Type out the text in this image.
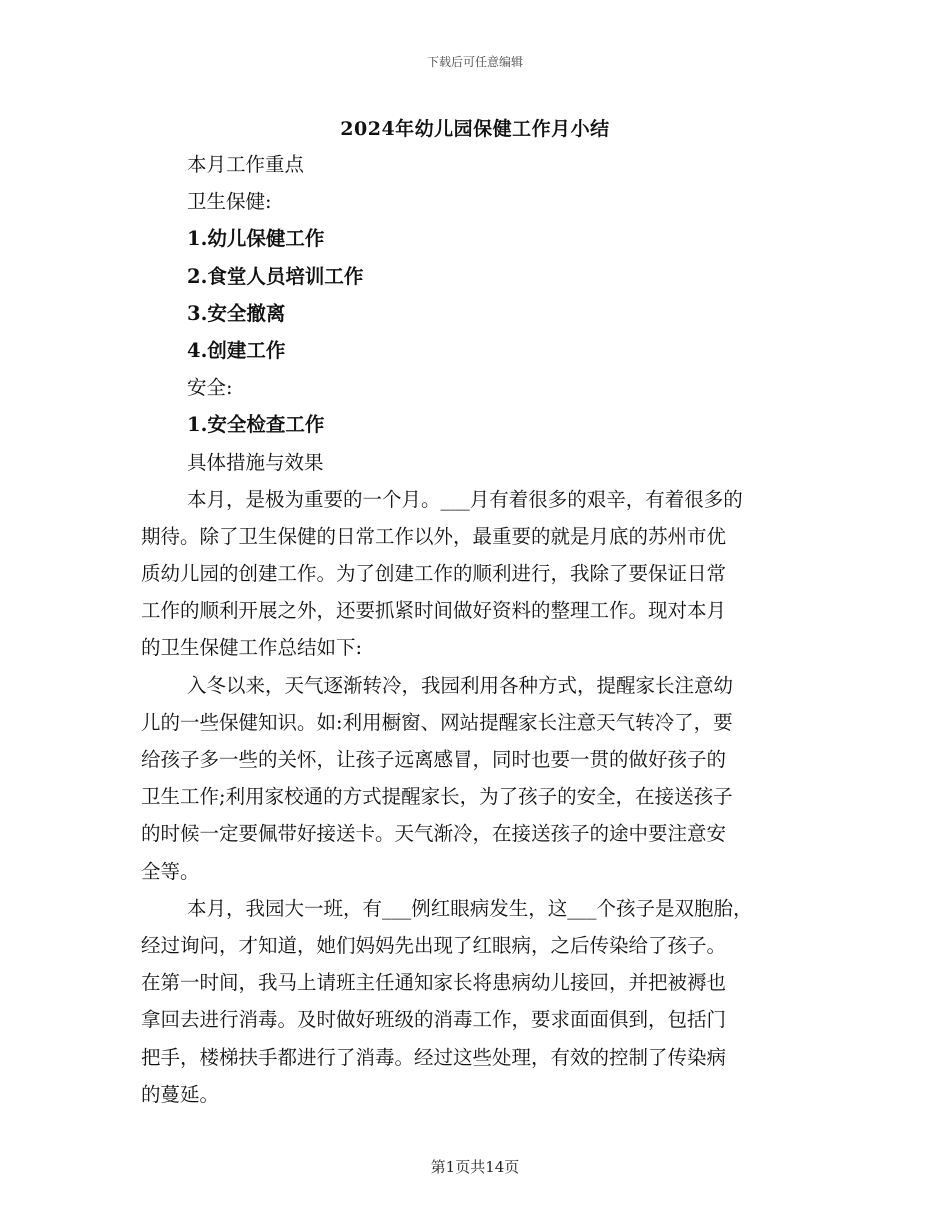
下载后可任意编辑
2024年幼儿园保健工作月小结
本月工作重点
卫生保健:
1.幼儿保健工作
2.食堂人员培训工作
3.安全撤离
4.创建工作
安全:
1.安全检查工作
具体措施与效果
本月，是极为重要的一个月。___月有着很多的艰辛，有着很多的
期待。除了卫生保健的日常工作以外，最重要的就是月底的苏州市优
质幼儿园的创建工作。为了创建工作的顺利进行，我除了要保证日常
工作的顺利开展之外，还要抓紧时间做好资料的整理工作。现对本月
的卫生保健工作总结如下:
入冬以来，天气逐渐转冷，我园利用各种方式，提醒家长注意幼
儿的一些保健知识。如:利用橱窗、网站提醒家长注意天气转冷了，要
给孩子多一些的关怀，让孩子远离感冒，同时也要一贯的做好孩子的
卫生工作;利用家校通的方式提醒家长，为了孩子的安全，在接送孩子
的时候一定要佩带好接送卡。天气渐冷，在接送孩子的途中要注意安
全等。
本月，我园大一班，有___例红眼病发生，这___个孩子是双胞胎，
经过询问，才知道，她们妈妈先出现了红眼病，之后传染给了孩子。
在第一时间，我马上请班主任通知家长将患病幼儿接回，并把被褥也
拿回去进行消毒。及时做好班级的消毒工作，要求面面俱到，包括门
把手，楼梯扶手都进行了消毒。经过这些处理，有效的控制了传染病
的蔓延。
第1页共14页
